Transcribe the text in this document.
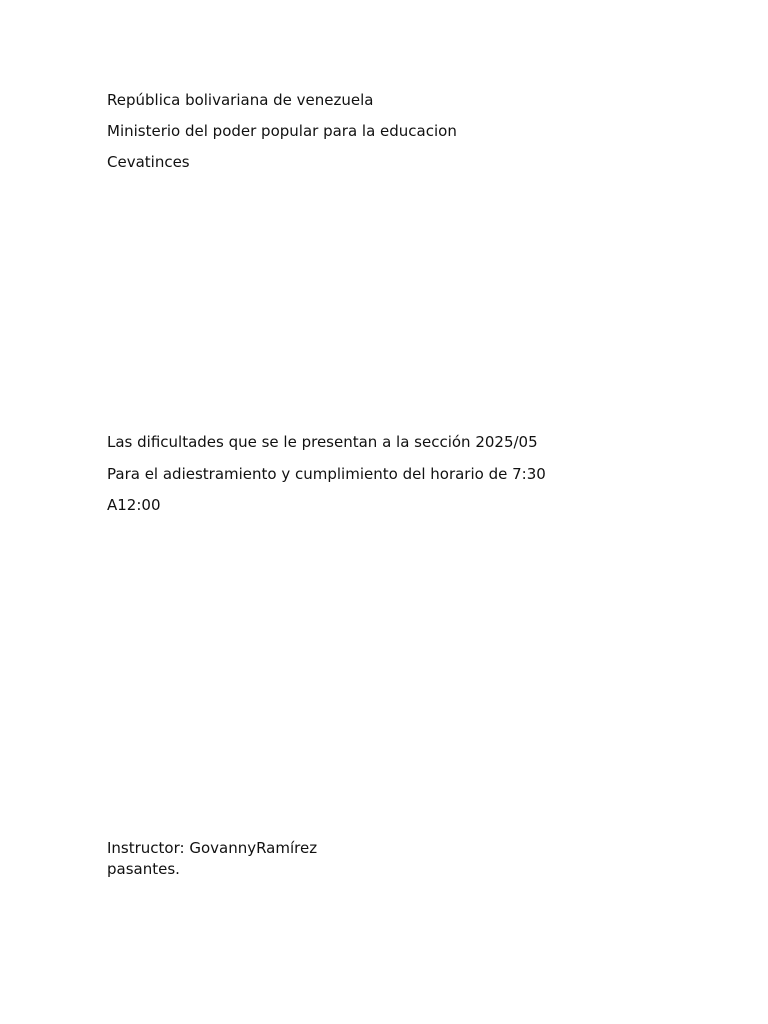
República bolivariana de venezuela

Ministerio del poder popular para la educacion

Cevatinces

Las dificultades que se le presentan a la sección 2025/05

Para el adiestramiento y cumplimiento del horario de 7:30

A12:00

Instructor: GovannyRamírez

pasantes.
